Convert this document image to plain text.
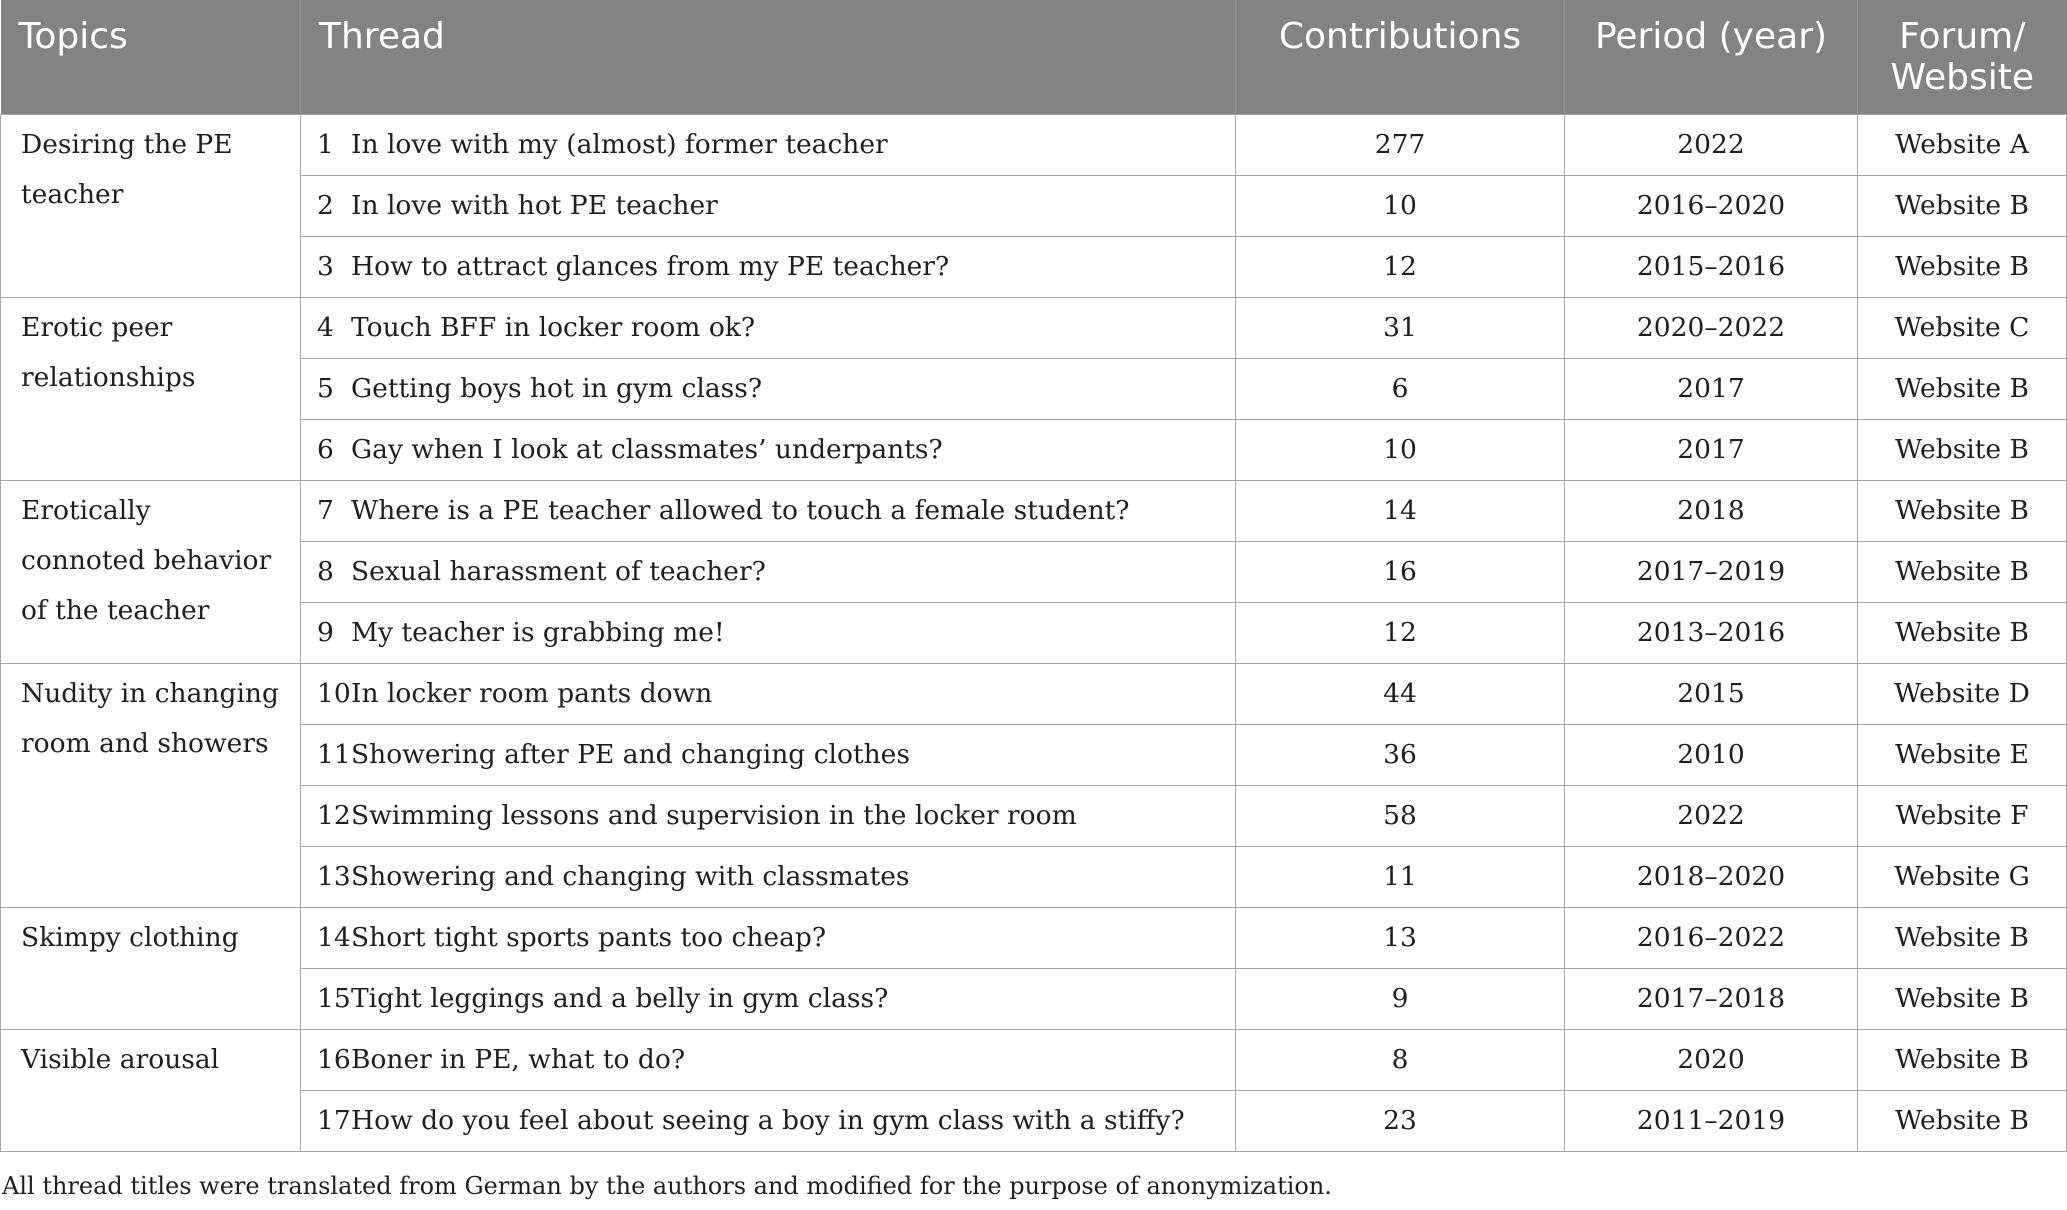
Topics	Thread	Contributions	Period (year)	Forum/ Website
Desiring the PE teacher	1 In love with my (almost) former teacher	277	2022	Website A
	2 In love with hot PE teacher	10	2016–2020	Website B
	3 How to attract glances from my PE teacher?	12	2015–2016	Website B
Erotic peer relationships	4 Touch BFF in locker room ok?	31	2020–2022	Website C
	5 Getting boys hot in gym class?	6	2017	Website B
	6 Gay when I look at classmates’ underpants?	10	2017	Website B
Erotically connoted behavior of the teacher	7 Where is a PE teacher allowed to touch a female student?	14	2018	Website B
	8 Sexual harassment of teacher?	16	2017–2019	Website B
	9 My teacher is grabbing me!	12	2013–2016	Website B
Nudity in changing room and showers	10In locker room pants down	44	2015	Website D
	11Showering after PE and changing clothes	36	2010	Website E
	12Swimming lessons and supervision in the locker room	58	2022	Website F
	13Showering and changing with classmates	11	2018–2020	Website G
Skimpy clothing	14Short tight sports pants too cheap?	13	2016–2022	Website B
	15Tight leggings and a belly in gym class?	9	2017–2018	Website B
Visible arousal	16Boner in PE, what to do?	8	2020	Website B
	17How do you feel about seeing a boy in gym class with a stiffy?	23	2011–2019	Website B
All thread titles were translated from German by the authors and modified for the purpose of anonymization.
